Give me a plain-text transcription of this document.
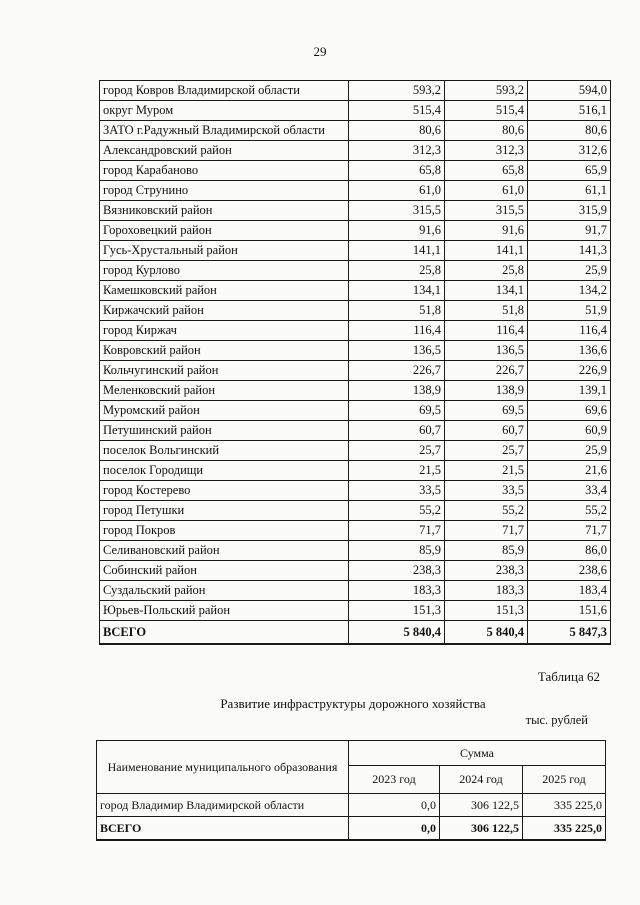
29
город Ковров Владимирской области	593,2	593,2	594,0
округ Муром	515,4	515,4	516,1
ЗАТО г.Радужный Владимирской области	80,6	80,6	80,6
Александровский район	312,3	312,3	312,6
город Карабаново	65,8	65,8	65,9
город Струнино	61,0	61,0	61,1
Вязниковский район	315,5	315,5	315,9
Гороховецкий район	91,6	91,6	91,7
Гусь-Хрустальный район	141,1	141,1	141,3
город Курлово	25,8	25,8	25,9
Камешковский район	134,1	134,1	134,2
Киржачский район	51,8	51,8	51,9
город Киржач	116,4	116,4	116,4
Ковровский район	136,5	136,5	136,6
Кольчугинский район	226,7	226,7	226,9
Меленковский район	138,9	138,9	139,1
Муромский район	69,5	69,5	69,6
Петушинский район	60,7	60,7	60,9
поселок Вольгинский	25,7	25,7	25,9
поселок Городищи	21,5	21,5	21,6
город Костерево	33,5	33,5	33,4
город Петушки	55,2	55,2	55,2
город Покров	71,7	71,7	71,7
Селивановский район	85,9	85,9	86,0
Собинский район	238,3	238,3	238,6
Суздальский район	183,3	183,3	183,4
Юрьев-Польский район	151,3	151,3	151,6
ВСЕГО	5 840,4	5 840,4	5 847,3
Таблица 62
Развитие инфраструктуры дорожного хозяйства
тыс. рублей
Наименование муниципального образования	Сумма		
	2023 год	2024 год	2025 год
город Владимир Владимирской области	0,0	306 122,5	335 225,0
ВСЕГО	0,0	306 122,5	335 225,0
